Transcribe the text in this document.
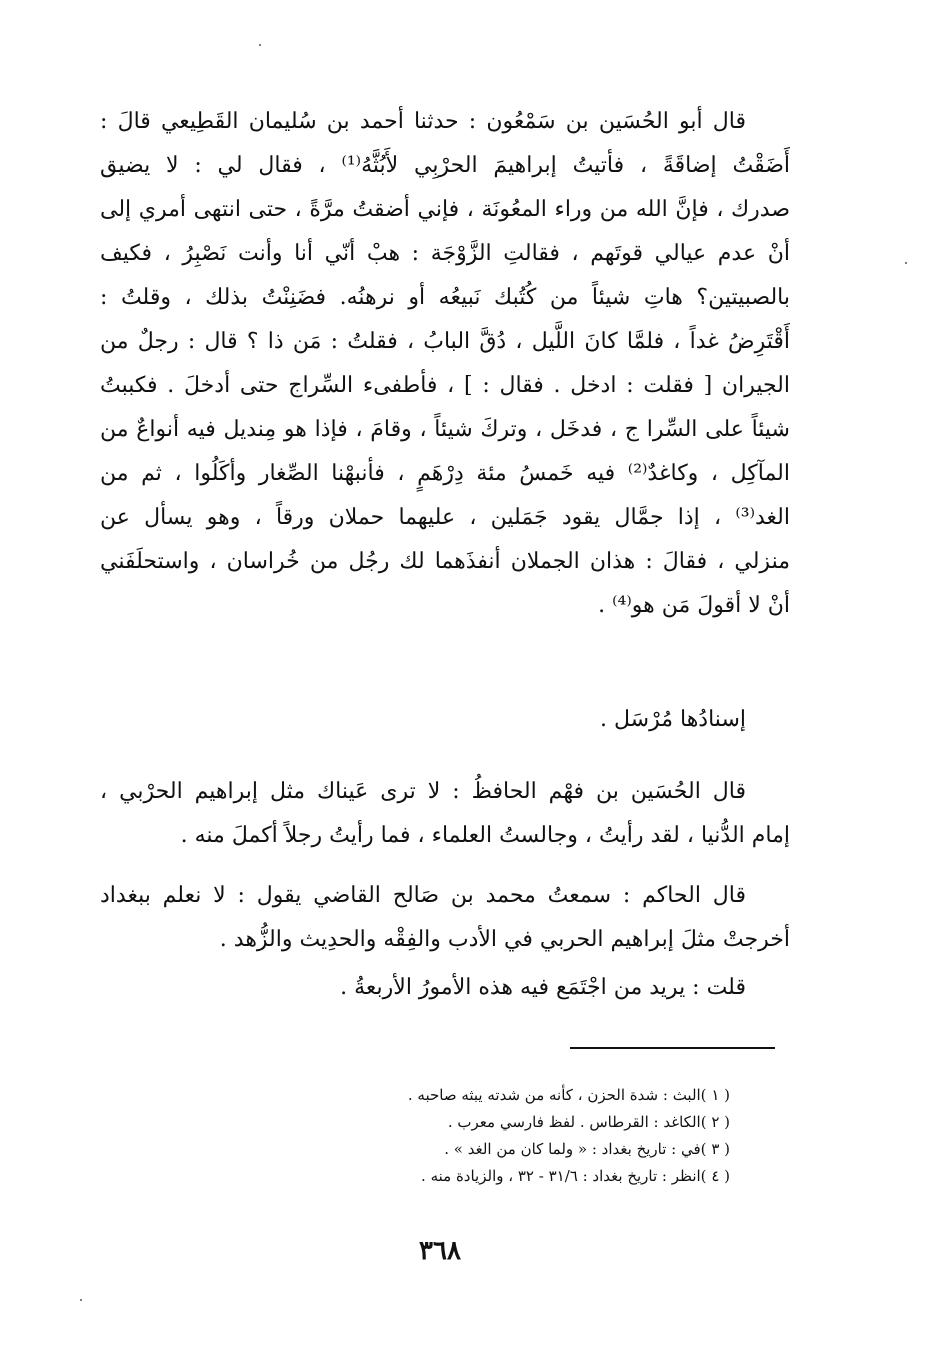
قال أبو الحُسَين بن سَمْعُون : حدثنا أحمد بن سُليمان القَطِيعي قالَ :
أَضَقْتُ إضاقَةً ، فأتيتُ إبراهيمَ الحرْبِي لأَبُثَّهُ⁽¹⁾ ، فقال لي : لا يضيق
صدرك ، فإنَّ الله من وراء المعُونَة ، فإني أضقتُ مرَّةً ، حتى انتهى أمري إلى
أنْ عدم عيالي قوتَهم ، فقالتِ الزَّوْجَة : هبْ أنّي أنا وأنت نَصْبِرُ ، فكيف
بالصبيتين؟ هاتِ شيئاً من كُتُبك نَبيعُه أو نرهنُه. فضَنِنْتُ بذلك ، وقلتُ :
أَقْتَرِضُ غداً ، فلمَّا كانَ اللَّيل ، دُقَّ البابُ ، فقلتُ : مَن ذا ؟ قال : رجلٌ من
الجيران [ فقلت : ادخل . فقال : ] ، فأطفىء السِّراج حتى أدخلَ . فكببتُ
شيئاً على السِّرا ج ، فدخَل ، وتركَ شيئاً ، وقامَ ، فإذا هو مِنديل فيه أنواعٌ من
المآكِل ، وكاغدٌ⁽²⁾ فيه خَمسُ مئة دِرْهَمٍ ، فأنبهْنا الصِّغار وأكَلُوا ، ثم من
الغد⁽³⁾ ، إذا جمَّال يقود جَمَلين ، عليهما حملان ورقاً ، وهو يسأل عن
منزلي ، فقالَ : هذان الجملان أنفذَهما لك رجُل من خُراسان ، واستحلَفَني
أنْ لا أقولَ مَن هو⁽⁴⁾ .
إسنادُها مُرْسَل .
قال الحُسَين بن فهْم الحافظُ : لا ترى عَيناك مثل إبراهيم الحرْبي ،
إمام الدُّنيا ، لقد رأيتُ ، وجالستُ العلماء ، فما رأيتُ رجلاً أكملَ منه .
قال الحاكم : سمعتُ محمد بن صَالح القاضي يقول : لا نعلم ببغداد
أخرجتْ مثلَ إبراهيم الحربي في الأدب والفِقْه والحدِيث والزُّهد .
قلت : يريد من اجْتَمَع فيه هذه الأمورُ الأربعةُ .
( ١ )البث : شدة الحزن ، كأنه من شدته يبثه صاحبه .
( ٢ )الكاغد : القرطاس . لفظ فارسي معرب .
( ٣ )في : تاريخ بغداد : « ولما كان من الغد » .
( ٤ )انظر : تاريخ بغداد : ٣١/٦ - ٣٢ ، والزيادة منه .
٣٦٨
